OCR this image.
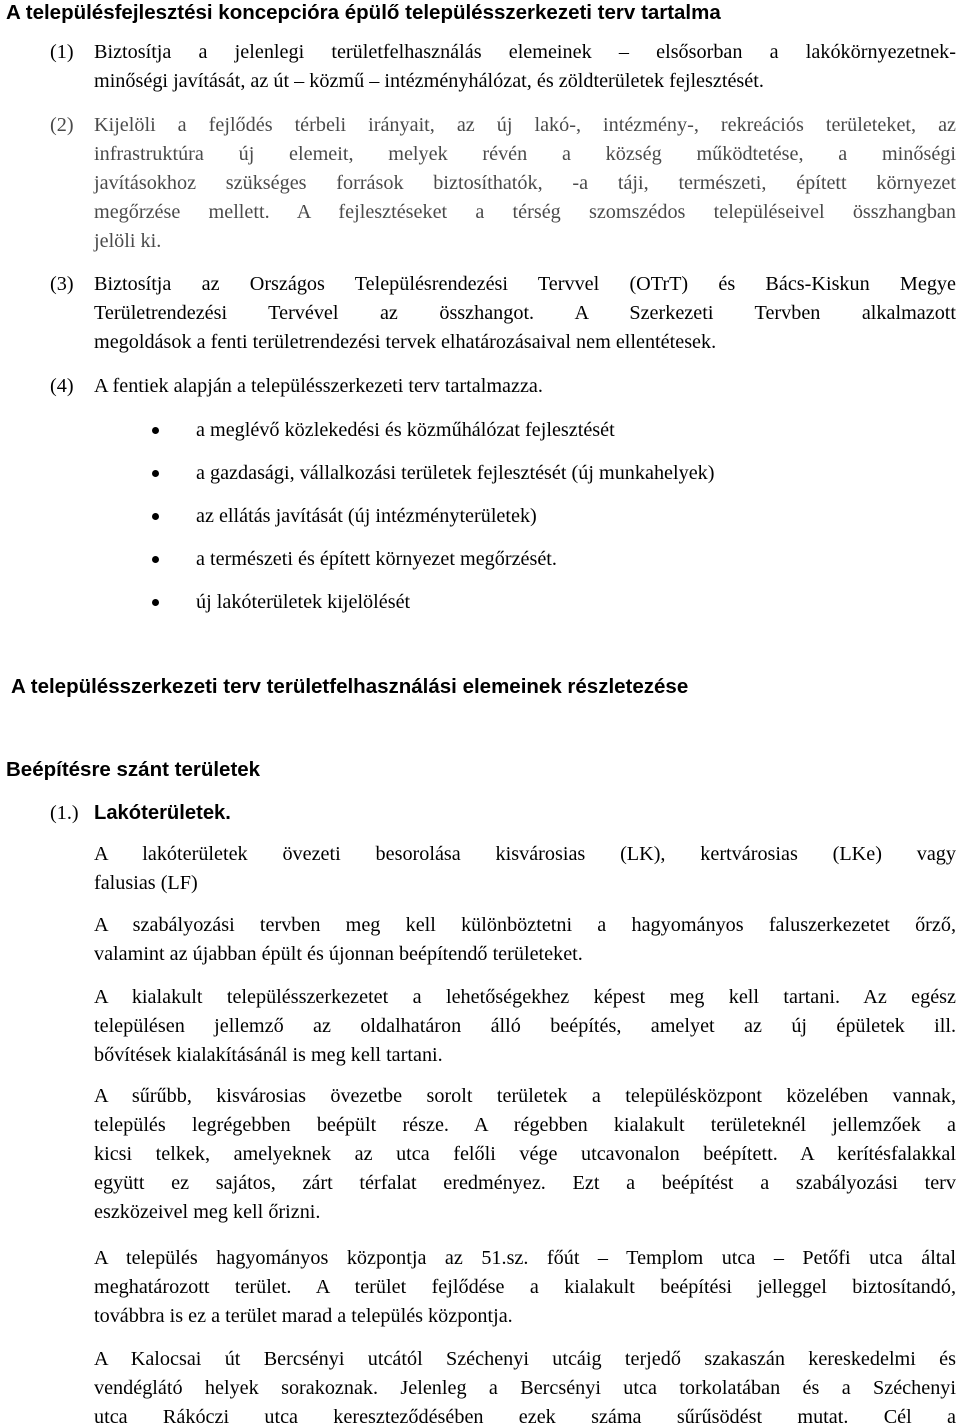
A településfejlesztési koncepcióra épülő településszerkezeti terv tartalma
(1) Biztosítja a jelenlegi területfelhasználás elemeinek – elsősorban a lakókörnyezetnek-
minőségi javítását, az út – közmű – intézményhálózat, és zöldterületek fejlesztését.
(2) Kijelöli a fejlődés térbeli irányait, az új lakó-, intézmény-, rekreációs területeket, az
infrastruktúra új elemeit, melyek révén a község működtetése, a minőségi
javításokhoz szükséges források biztosíthatók, -a táji, természeti, épített környezet
megőrzése mellett. A fejlesztéseket a térség szomszédos településeivel összhangban
jelöli ki.
(3) Biztosítja az Országos Településrendezési Tervvel (OTrT) és Bács-Kiskun Megye
Területrendezési Tervével az összhangot. A Szerkezeti Tervben alkalmazott
megoldások a fenti területrendezési tervek elhatározásaival nem ellentétesek.
(4) A fentiek alapján a településszerkezeti terv tartalmazza.
a meglévő közlekedési és közműhálózat fejlesztését
a gazdasági, vállalkozási területek fejlesztését (új munkahelyek)
az ellátás javítását (új intézményterületek)
a természeti és épített környezet megőrzését.
új lakóterületek kijelölését
A településszerkezeti terv területfelhasználási elemeinek részletezése
Beépítésre szánt területek
(1.) Lakóterületek.
A lakóterületek övezeti besorolása kisvárosias (LK), kertvárosias (LKe) vagy
falusias (LF)
A szabályozási tervben meg kell különböztetni a hagyományos faluszerkezetet őrző,
valamint az újabban épült és újonnan beépítendő területeket.
A kialakult településszerkezetet a lehetőségekhez képest meg kell tartani. Az egész
településen jellemző az oldalhatáron álló beépítés, amelyet az új épületek ill.
bővítések kialakításánál is meg kell tartani.
A sűrűbb, kisvárosias övezetbe sorolt területek a településközpont közelében vannak,
település legrégebben beépült része. A régebben kialakult területeknél jellemzőek a
kicsi telkek, amelyeknek az utca felőli vége utcavonalon beépített. A kerítésfalakkal
együtt ez sajátos, zárt térfalat eredményez. Ezt a beépítést a szabályozási terv
eszközeivel meg kell őrizni.
A település hagyományos központja az 51.sz. főút – Templom utca – Petőfi utca által
meghatározott terület. A terület fejlődése a kialakult beépítési jelleggel biztosítandó,
továbbra is ez a terület marad a település központja.
A Kalocsai út Bercsényi utcától Széchenyi utcáig terjedő szakaszán kereskedelmi és
vendéglátó helyek sorakoznak. Jelenleg a Bercsényi utca torkolatában és a Széchenyi
utca Rákóczi utca kereszteződésében ezek száma sűrűsödést mutat. Cél a
